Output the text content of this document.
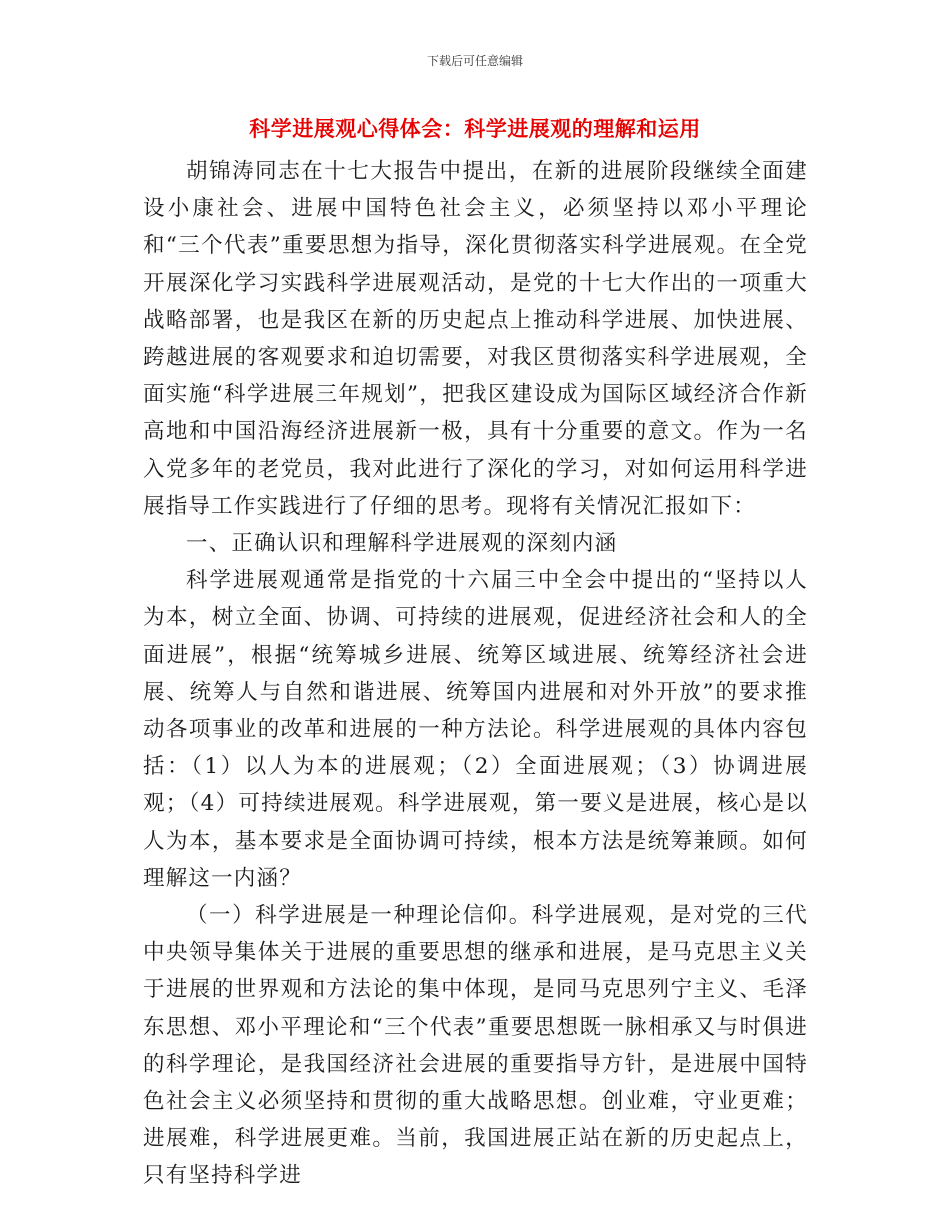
下载后可任意编辑
科学进展观心得体会：科学进展观的理解和运用

胡锦涛同志在十七大报告中提出，在新的进展阶段继续全面建设小康社会、进展中国特色社会主义，必须坚持以邓小平理论和“三个代表”重要思想为指导，深化贯彻落实科学进展观。在全党开展深化学习实践科学进展观活动，是党的十七大作出的一项重大战略部署，也是我区在新的历史起点上推动科学进展、加快进展、跨越进展的客观要求和迫切需要，对我区贯彻落实科学进展观，全面实施“科学进展三年规划”，把我区建设成为国际区域经济合作新高地和中国沿海经济进展新一极，具有十分重要的意文。作为一名入党多年的老党员，我对此进行了深化的学习，对如何运用科学进展指导工作实践进行了仔细的思考。现将有关情况汇报如下：

一、正确认识和理解科学进展观的深刻内涵

科学进展观通常是指党的十六届三中全会中提出的“坚持以人为本，树立全面、协调、可持续的进展观，促进经济社会和人的全面进展”，根据“统筹城乡进展、统筹区域进展、统筹经济社会进展、统筹人与自然和谐进展、统筹国内进展和对外开放”的要求推动各项事业的改革和进展的一种方法论。科学进展观的具体内容包括：（1）以人为本的进展观；（2）全面进展观；（3）协调进展观；（4）可持续进展观。科学进展观，第一要义是进展，核心是以人为本，基本要求是全面协调可持续，根本方法是统筹兼顾。如何理解这一内涵？

（一）科学进展是一种理论信仰。科学进展观，是对党的三代中央领导集体关于进展的重要思想的继承和进展，是马克思主义关于进展的世界观和方法论的集中体现，是同马克思列宁主义、毛泽东思想、邓小平理论和“三个代表”重要思想既一脉相承又与时俱进的科学理论，是我国经济社会进展的重要指导方针，是进展中国特色社会主义必须坚持和贯彻的重大战略思想。创业难，守业更难；进展难，科学进展更难。当前，我国进展正站在新的历史起点上，只有坚持科学进
